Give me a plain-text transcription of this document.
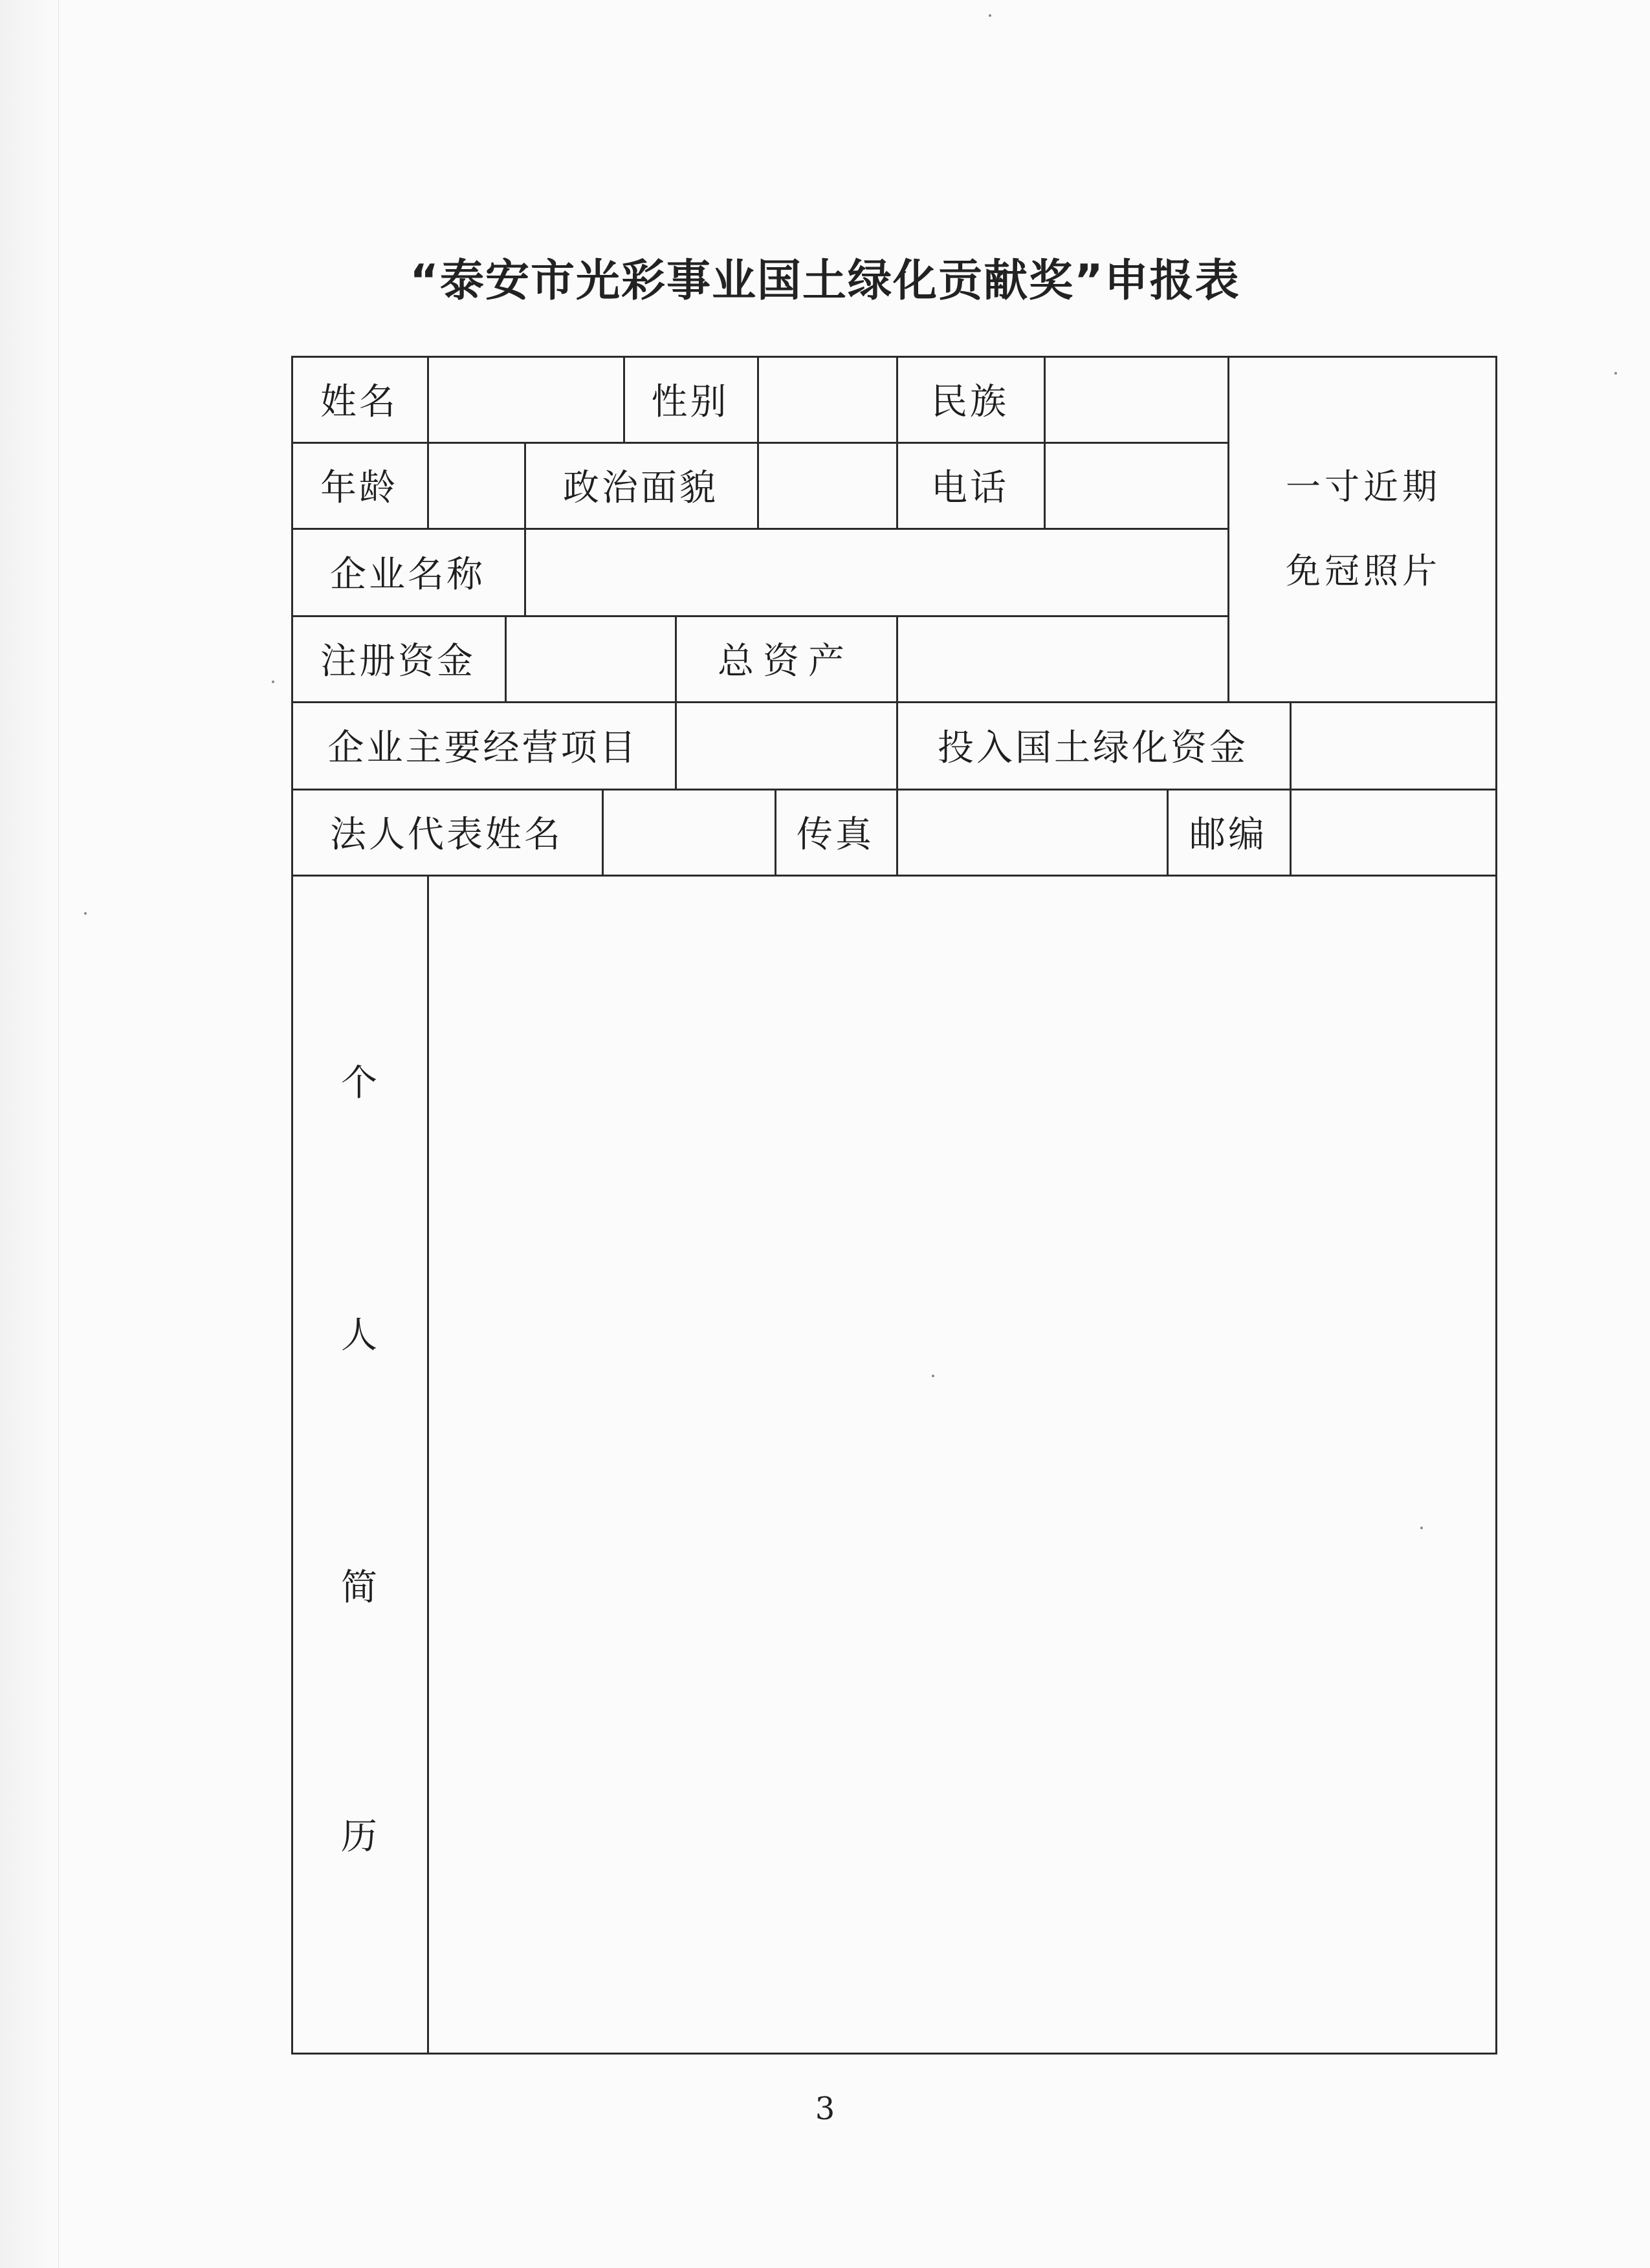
“泰安市光彩事业国土绿化贡献奖”申报表
姓名	性别	民族
年龄	政治面貌	电话
企业名称
注册资金	总资产
一寸近期
免冠照片
企业主要经营项目	投入国土绿化资金
法人代表姓名	传真	邮编
个
人
简
历
3
